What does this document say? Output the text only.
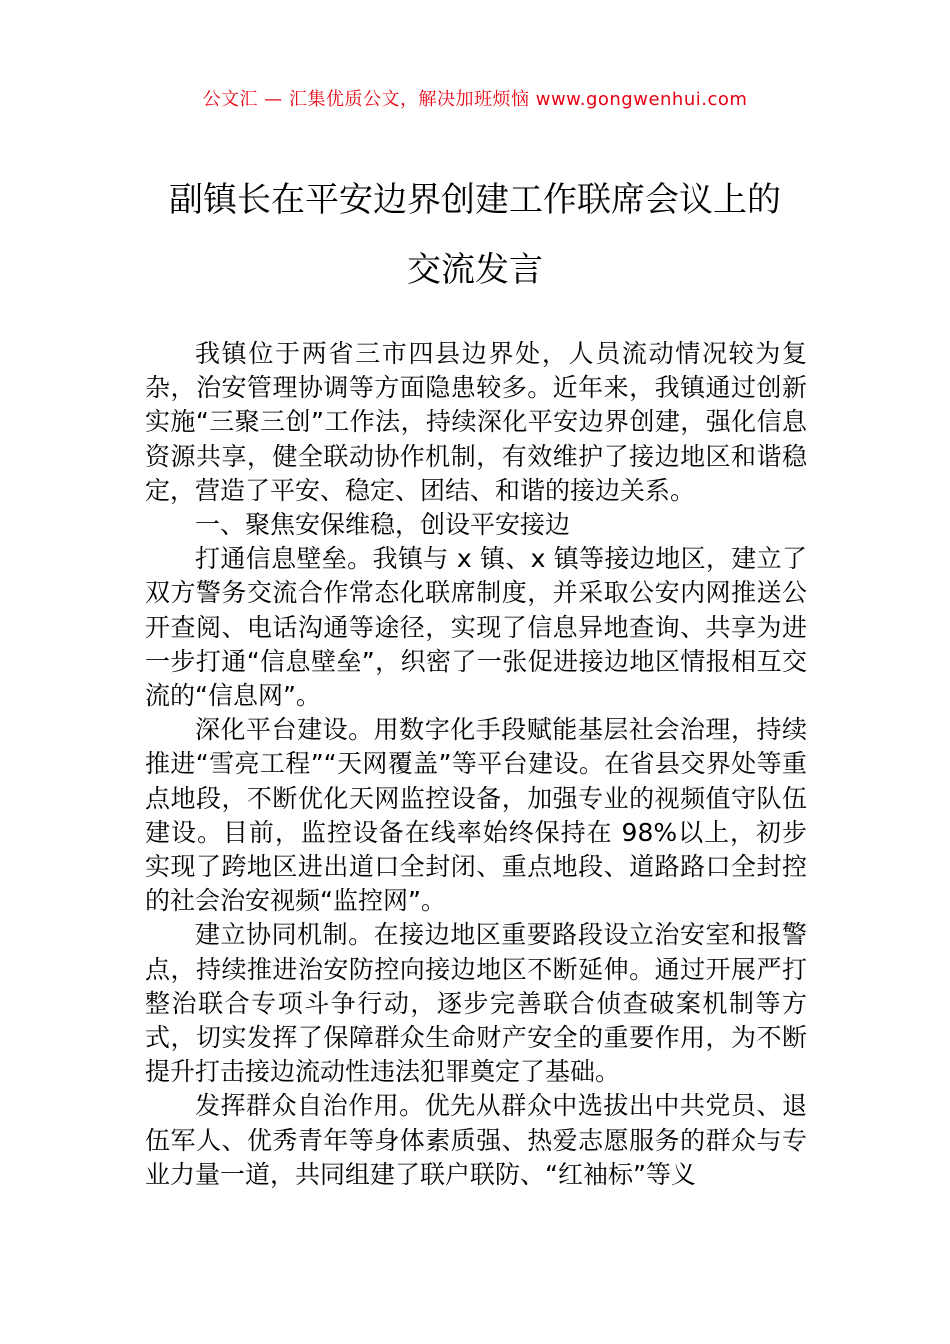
公文汇 — 汇集优质公文，解决加班烦恼 www.gongwenhui.com
副镇长在平安边界创建工作联席会议上的
交流发言

我镇位于两省三市四县边界处，人员流动情况较为复杂，治安管理协调等方面隐患较多。近年来，我镇通过创新实施“三聚三创”工作法，持续深化平安边界创建，强化信息资源共享，健全联动协作机制，有效维护了接边地区和谐稳定，营造了平安、稳定、团结、和谐的接边关系。

一、聚焦安保维稳，创设平安接边

打通信息壁垒。我镇与 x 镇、x 镇等接边地区，建立了双方警务交流合作常态化联席制度，并采取公安内网推送公开查阅、电话沟通等途径，实现了信息异地查询、共享为进一步打通“信息壁垒”，织密了一张促进接边地区情报相互交流的“信息网”。

深化平台建设。用数字化手段赋能基层社会治理，持续推进“雪亮工程”“天网覆盖”等平台建设。在省县交界处等重点地段，不断优化天网监控设备，加强专业的视频值守队伍建设。目前，监控设备在线率始终保持在 98%以上，初步实现了跨地区进出道口全封闭、重点地段、道路路口全封控的社会治安视频“监控网”。

建立协同机制。在接边地区重要路段设立治安室和报警点，持续推进治安防控向接边地区不断延伸。通过开展严打整治联合专项斗争行动，逐步完善联合侦查破案机制等方式，切实发挥了保障群众生命财产安全的重要作用，为不断提升打击接边流动性违法犯罪奠定了基础。

发挥群众自治作用。优先从群众中选拔出中共党员、退伍军人、优秀青年等身体素质强、热爱志愿服务的群众与专业力量一道，共同组建了联户联防、“红袖标”等义
